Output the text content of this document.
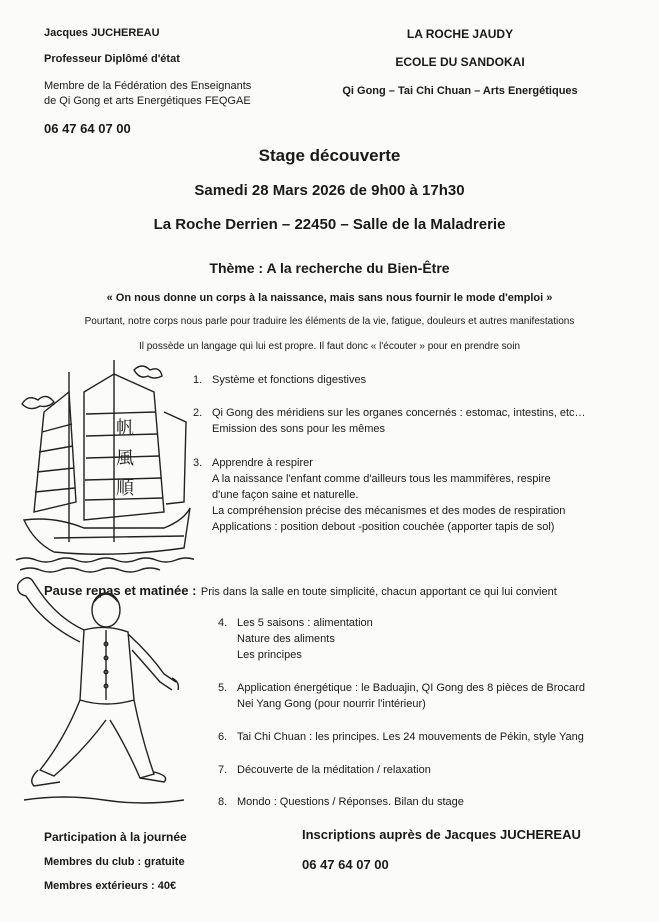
Jacques JUCHEREAU
Professeur Diplômé d'état
Membre de la Fédération des Enseignants
de Qi Gong et arts Energétiques FEQGAE
06 47 64 07 00
LA ROCHE JAUDY
ECOLE DU SANDOKAI
Qi Gong – Tai Chi Chuan – Arts Energétiques
Stage découverte
Samedi 28 Mars 2026 de 9h00 à 17h30
La Roche Derrien – 22450 – Salle de la Maladrerie
Thème : A la recherche du Bien-Être
« On nous donne un corps à la naissance, mais sans nous fournir le mode d'emploi »
Pourtant, notre corps nous parle pour traduire les éléments de la vie, fatigue, douleurs et autres manifestations
Il possède un langage qui lui est propre. Il faut donc « l'écouter » pour en prendre soin
帆
風
順
1. Système et fonctions digestives
2. Qi Gong des méridiens sur les organes concernés : estomac, intestins, etc…
Emission des sons pour les mêmes
3. Apprendre à respirer
A la naissance l'enfant comme d'ailleurs tous les mammifères, respire
d'une façon saine et naturelle.
La compréhension précise des mécanismes et des modes de respiration
Applications : position debout -position couchée (apporter tapis de sol)
Pause repas et matinée : Pris dans la salle en toute simplicité, chacun apportant ce qui lui convient
4. Les 5 saisons : alimentation
Nature des aliments
Les principes
5. Application énergétique : le Baduajin, QI Gong des 8 pièces de Brocard
Nei Yang Gong (pour nourrir l'intérieur)
6. Tai Chi Chuan : les principes. Les 24 mouvements de Pékin, style Yang
7. Découverte de la méditation / relaxation
8. Mondo : Questions / Réponses. Bilan du stage
Participation à la journée
Membres du club : gratuite
Membres extérieurs : 40€
Inscriptions auprès de Jacques JUCHEREAU
06 47 64 07 00
